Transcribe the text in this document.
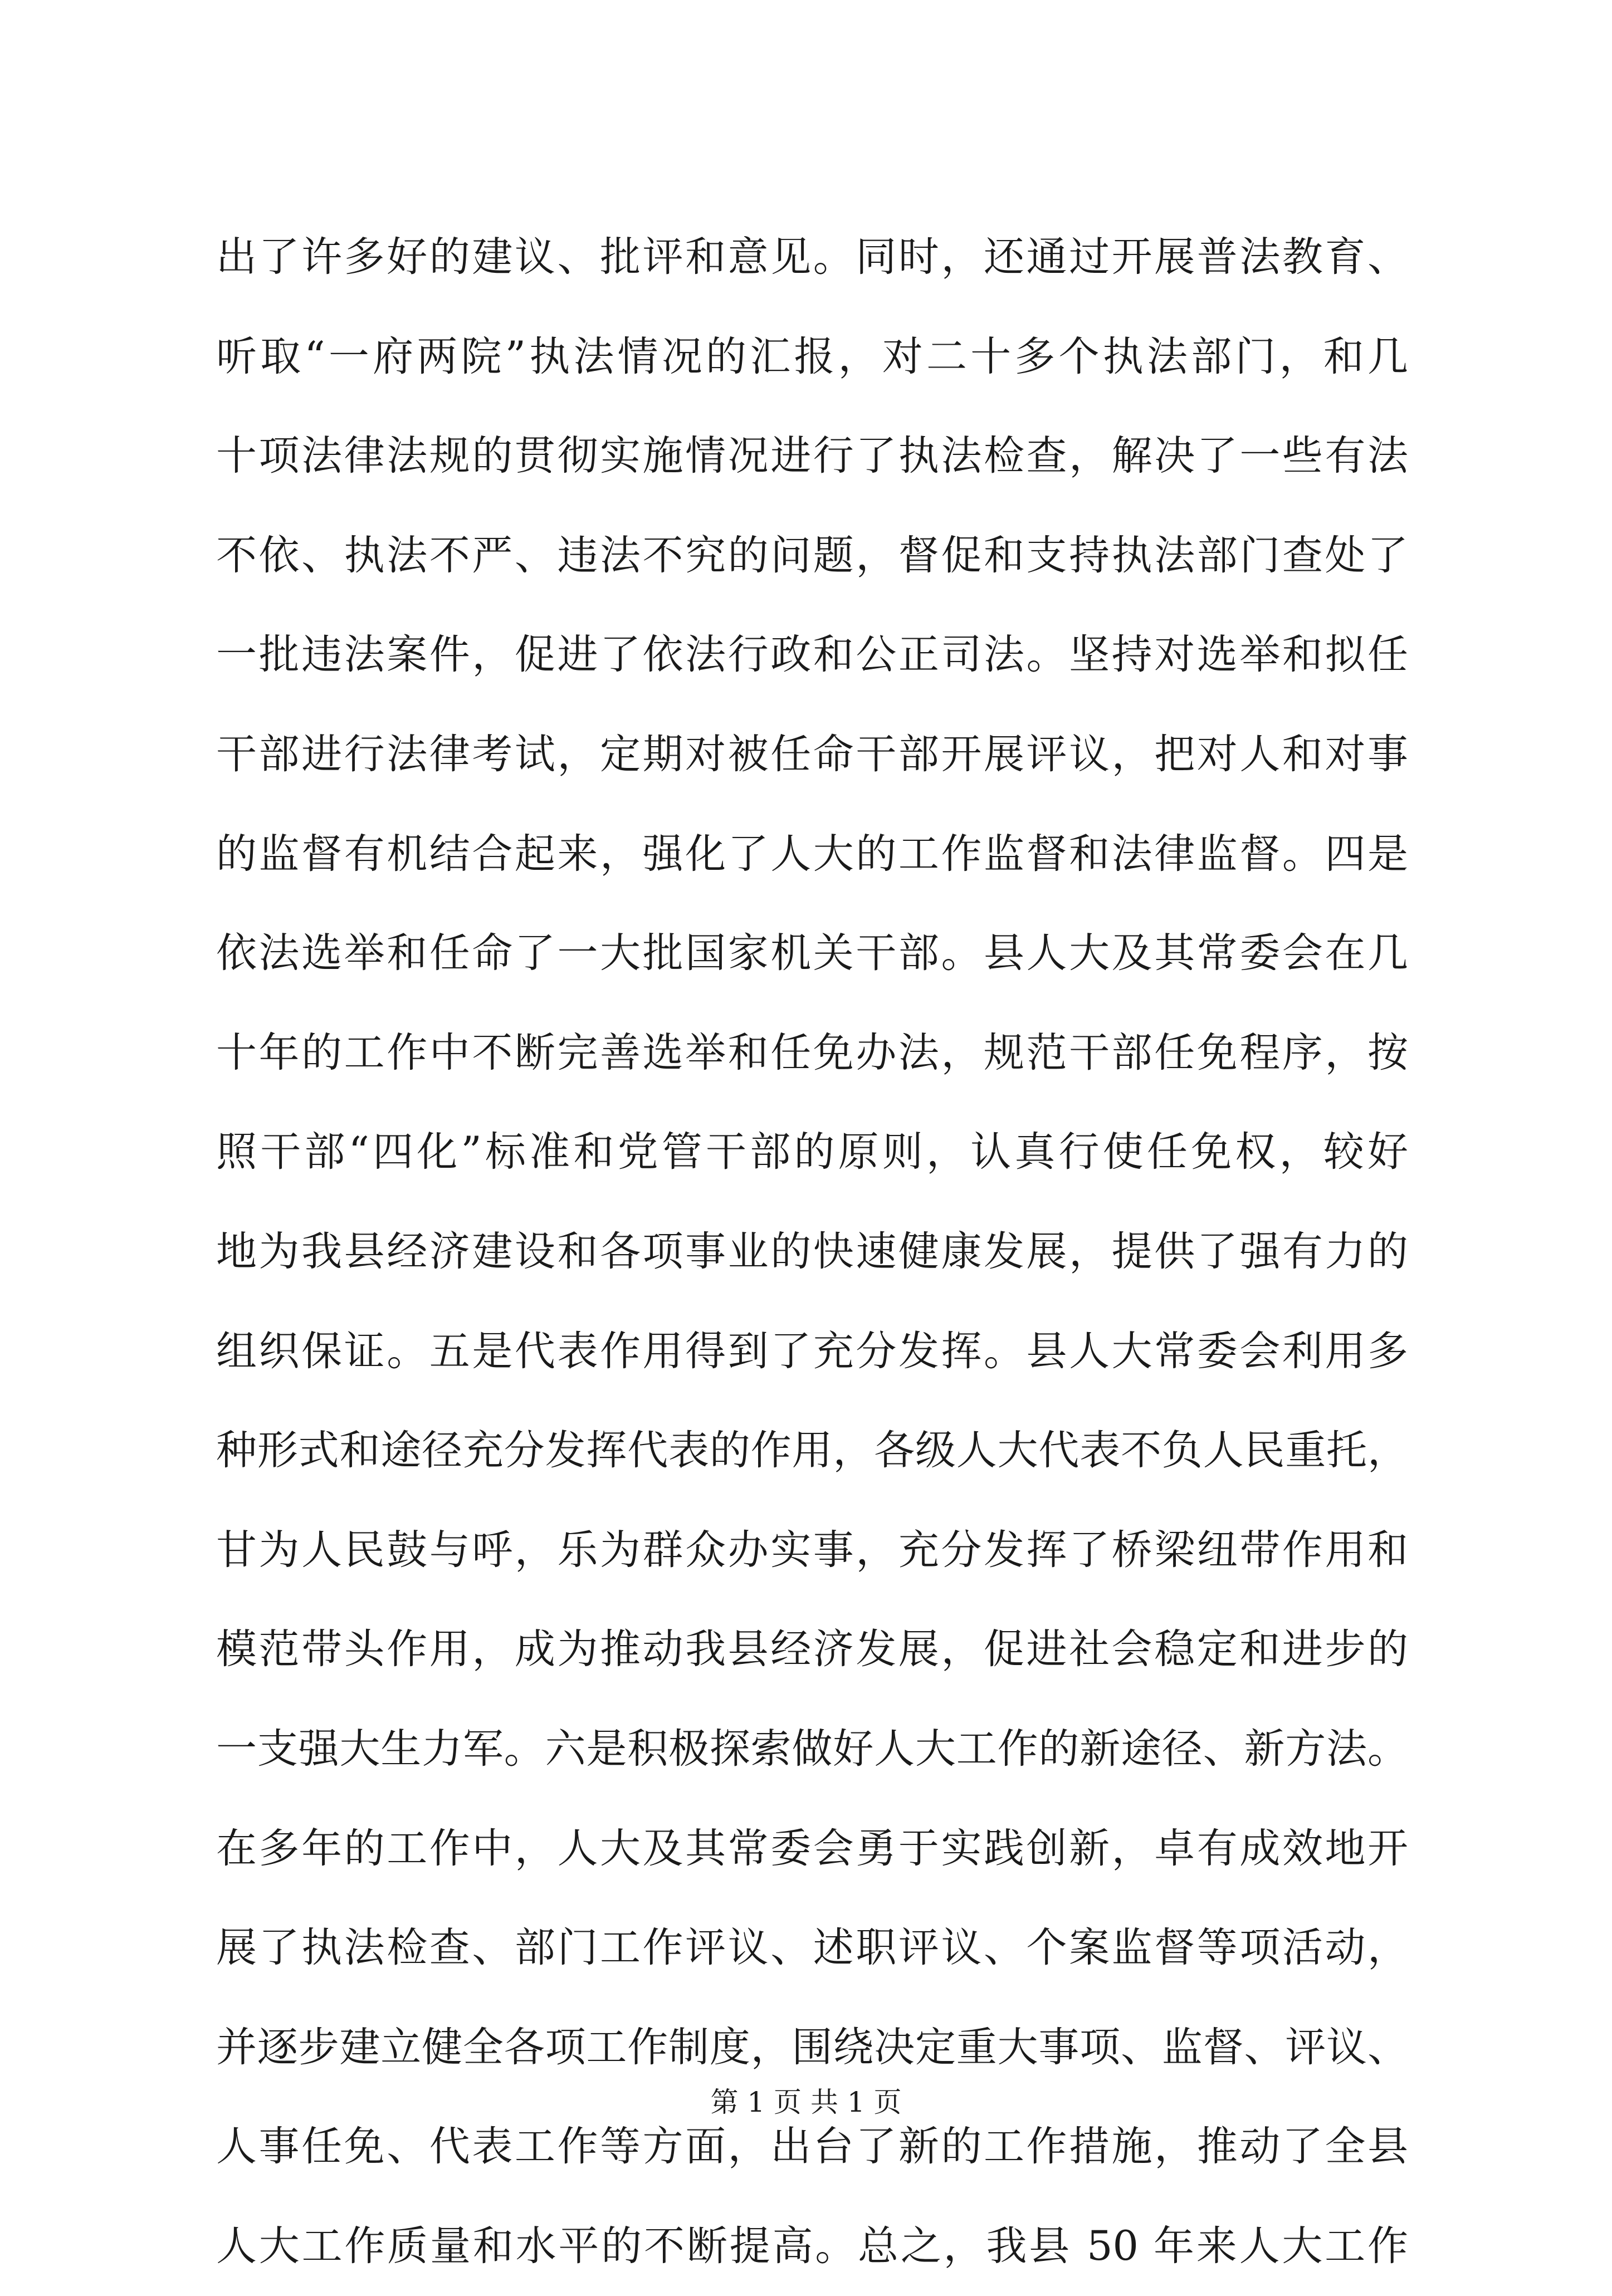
出了许多好的建议、批评和意见。同时，还通过开展普法教育、
听取“一府两院”执法情况的汇报，对二十多个执法部门，和几
十项法律法规的贯彻实施情况进行了执法检查，解决了一些有法
不依、执法不严、违法不究的问题，督促和支持执法部门查处了
一批违法案件，促进了依法行政和公正司法。坚持对选举和拟任
干部进行法律考试，定期对被任命干部开展评议，把对人和对事
的监督有机结合起来，强化了人大的工作监督和法律监督。四是
依法选举和任命了一大批国家机关干部。县人大及其常委会在几
十年的工作中不断完善选举和任免办法，规范干部任免程序，按
照干部“四化”标准和党管干部的原则，认真行使任免权，较好
地为我县经济建设和各项事业的快速健康发展，提供了强有力的
组织保证。五是代表作用得到了充分发挥。县人大常委会利用多
种形式和途径充分发挥代表的作用，各级人大代表不负人民重托，
甘为人民鼓与呼，乐为群众办实事，充分发挥了桥梁纽带作用和
模范带头作用，成为推动我县经济发展，促进社会稳定和进步的
一支强大生力军。六是积极探索做好人大工作的新途径、新方法。
在多年的工作中，人大及其常委会勇于实践创新，卓有成效地开
展了执法检查、部门工作评议、述职评议、个案监督等项活动，
并逐步建立健全各项工作制度，围绕决定重大事项、监督、评议、
人事任免、代表工作等方面，出台了新的工作措施，推动了全县
人大工作质量和水平的不断提高。总之，我县 50 年来人大工作
第 1 页 共 1 页
